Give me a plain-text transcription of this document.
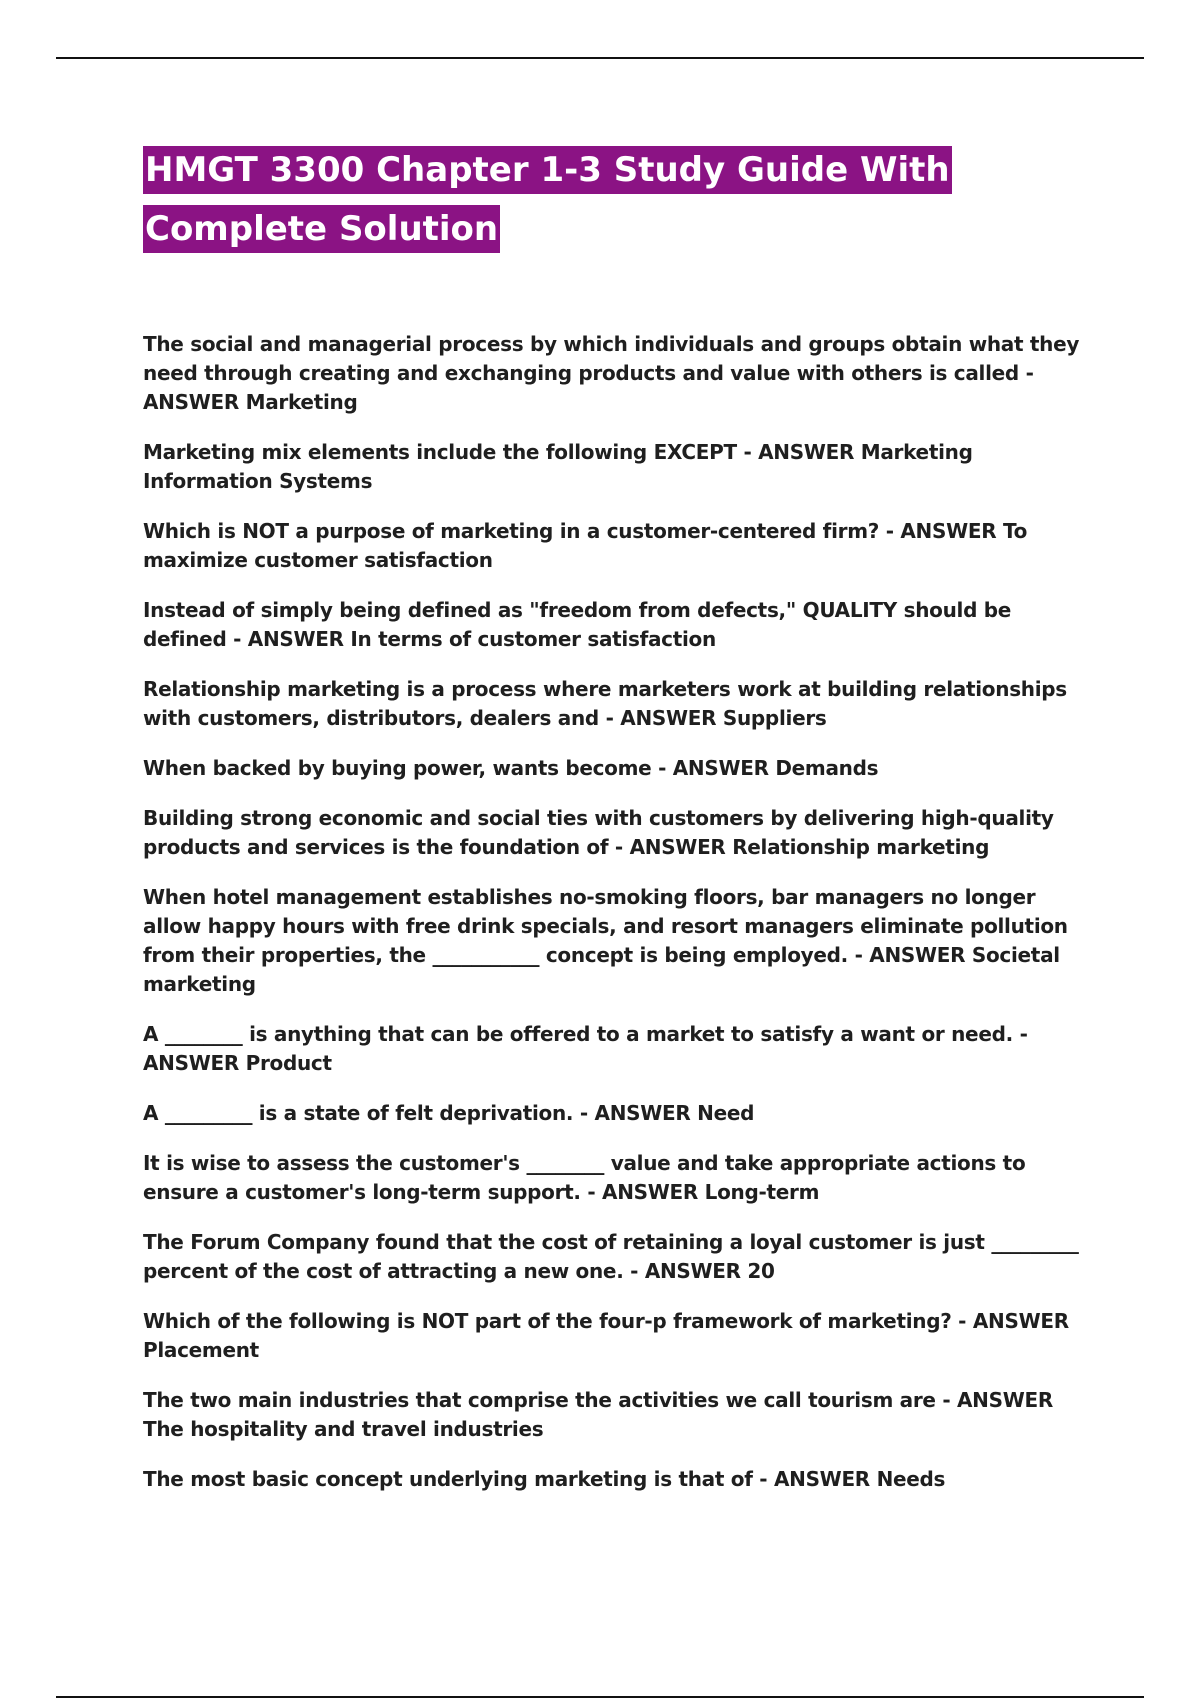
HMGT 3300 Chapter 1-3 Study Guide With
Complete Solution
The social and managerial process by which individuals and groups obtain what they need through creating and exchanging products and value with others is called - ANSWER Marketing
Marketing mix elements include the following EXCEPT - ANSWER Marketing Information Systems
Which is NOT a purpose of marketing in a customer-centered firm? - ANSWER To maximize customer satisfaction
Instead of simply being defined as "freedom from defects," QUALITY should be defined - ANSWER In terms of customer satisfaction
Relationship marketing is a process where marketers work at building relationships with customers, distributors, dealers and - ANSWER Suppliers
When backed by buying power, wants become - ANSWER Demands
Building strong economic and social ties with customers by delivering high-quality products and services is the foundation of - ANSWER Relationship marketing
When hotel management establishes no-smoking floors, bar managers no longer allow happy hours with free drink specials, and resort managers eliminate pollution from their properties, the ___________ concept is being employed. - ANSWER Societal marketing
A ________ is anything that can be offered to a market to satisfy a want or need. - ANSWER Product
A _________ is a state of felt deprivation. - ANSWER Need
It is wise to assess the customer's ________ value and take appropriate actions to ensure a customer's long-term support. - ANSWER Long-term
The Forum Company found that the cost of retaining a loyal customer is just _________ percent of the cost of attracting a new one. - ANSWER 20
Which of the following is NOT part of the four-p framework of marketing? - ANSWER Placement
The two main industries that comprise the activities we call tourism are - ANSWER The hospitality and travel industries
The most basic concept underlying marketing is that of - ANSWER Needs
